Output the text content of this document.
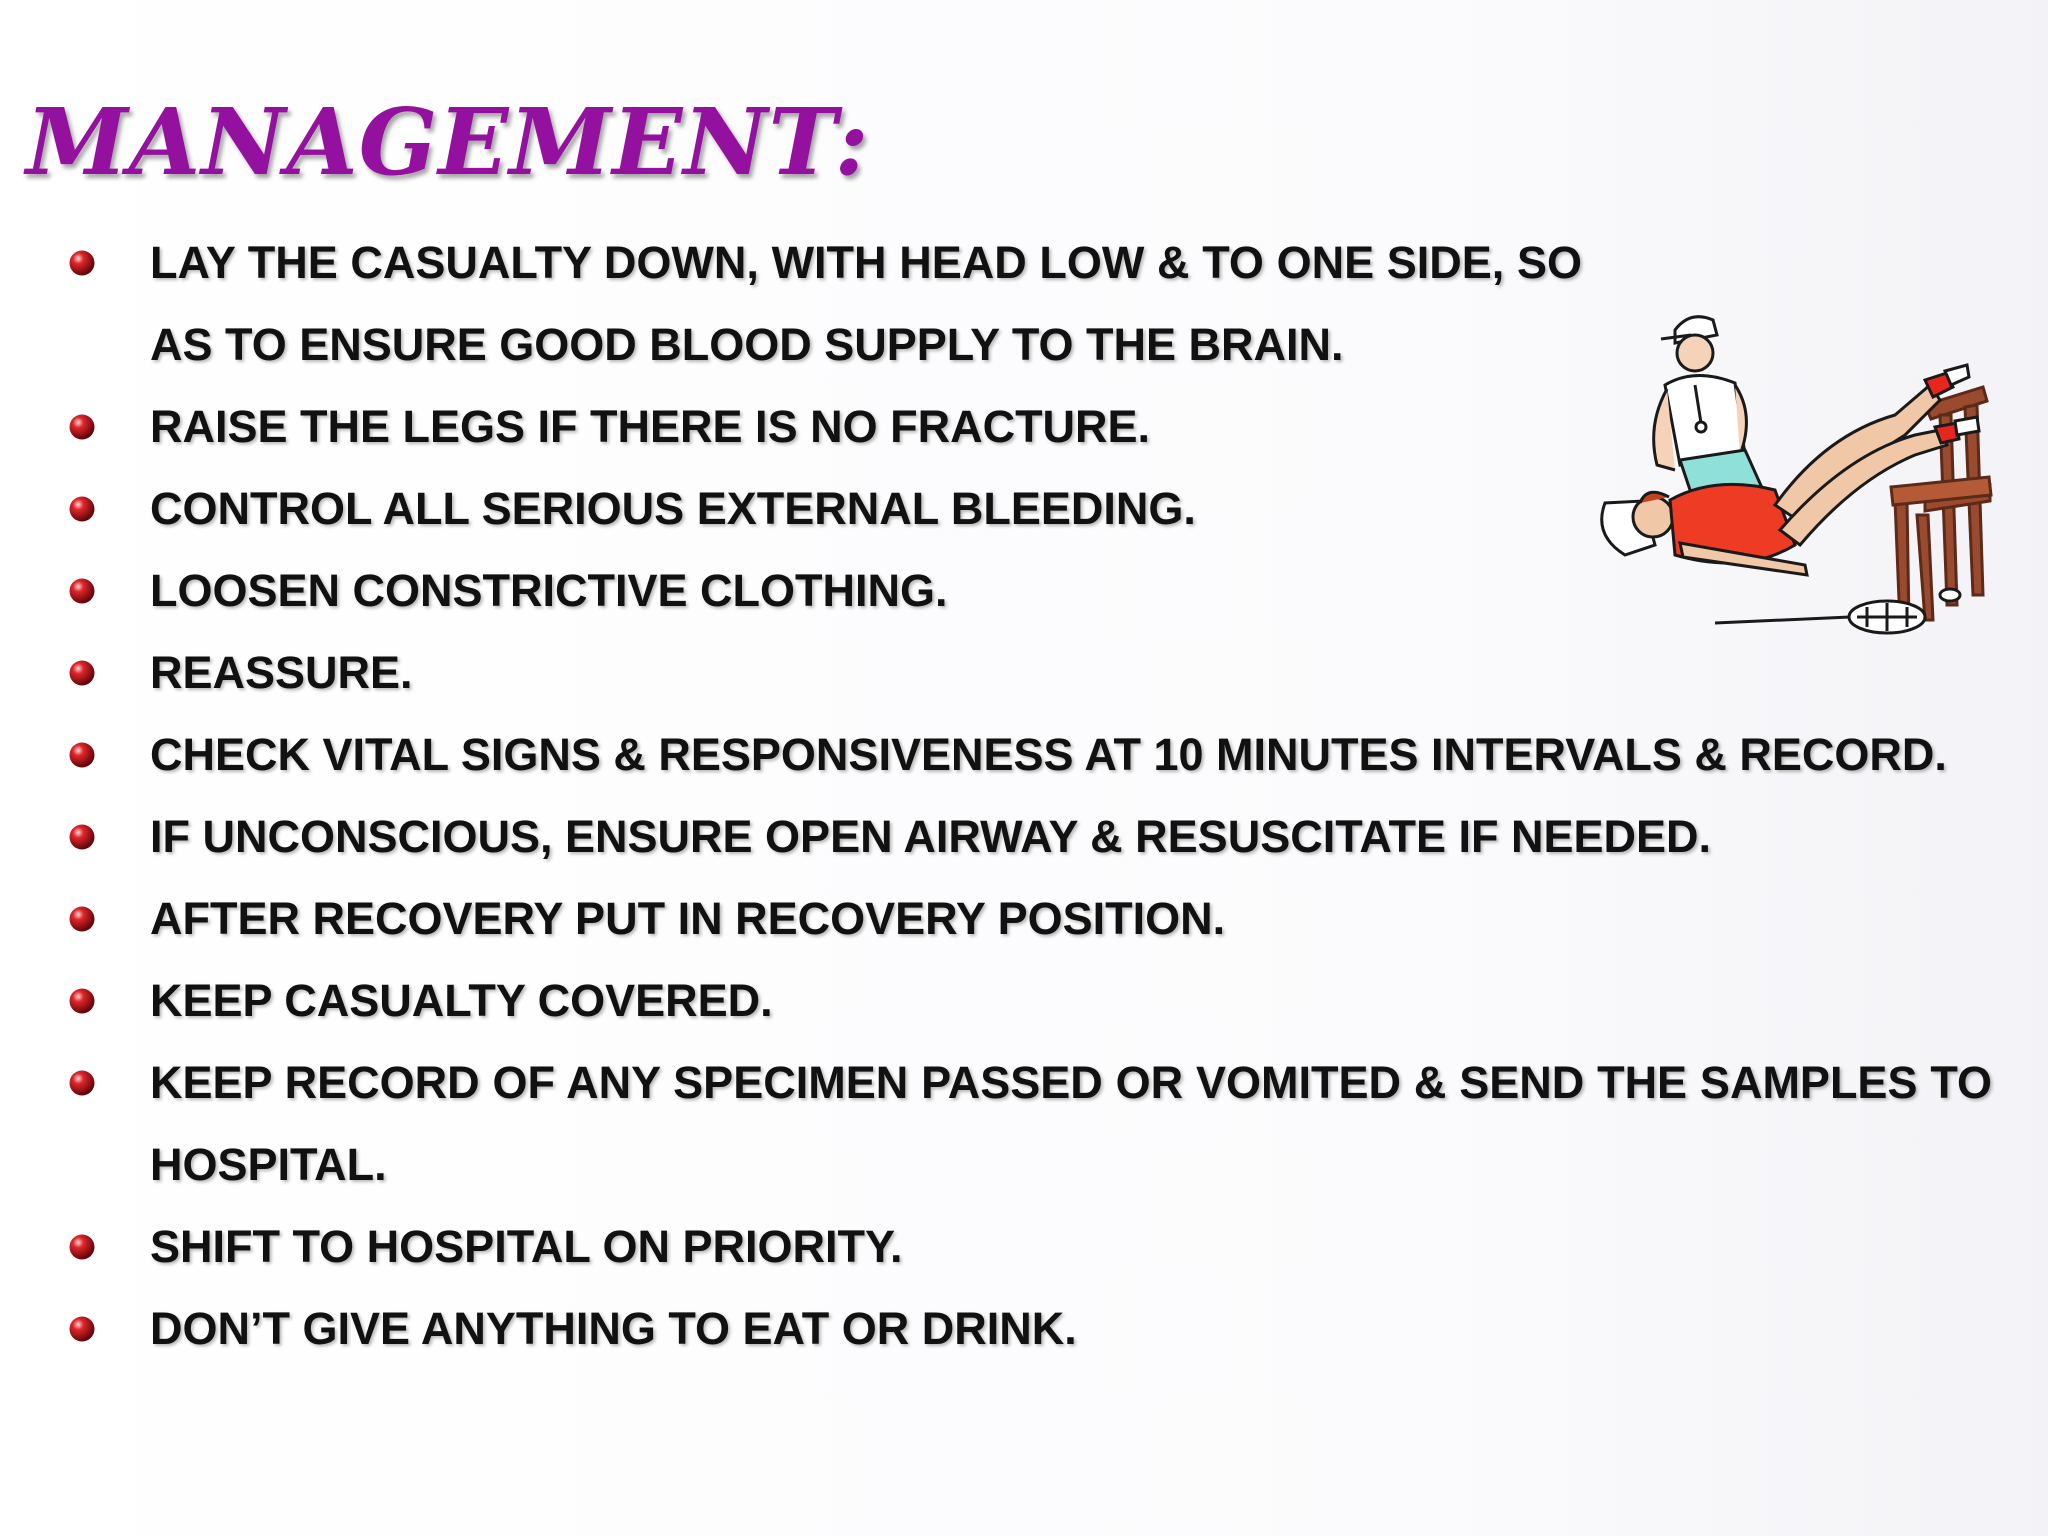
MANAGEMENT:
LAY THE CASUALTY DOWN, WITH HEAD LOW & TO ONE SIDE, SO AS TO ENSURE GOOD BLOOD SUPPLY TO THE BRAIN.
RAISE THE LEGS IF THERE IS NO FRACTURE.
CONTROL ALL SERIOUS EXTERNAL BLEEDING.
LOOSEN CONSTRICTIVE CLOTHING.
REASSURE.
CHECK VITAL SIGNS & RESPONSIVENESS AT 10 MINUTES INTERVALS & RECORD.
IF UNCONSCIOUS, ENSURE OPEN AIRWAY & RESUSCITATE IF NEEDED.
AFTER RECOVERY PUT IN RECOVERY POSITION.
KEEP CASUALTY COVERED.
KEEP RECORD OF ANY SPECIMEN PASSED OR VOMITED & SEND THE SAMPLES TO HOSPITAL.
SHIFT TO HOSPITAL ON PRIORITY.
DON’T GIVE ANYTHING TO EAT OR DRINK.
